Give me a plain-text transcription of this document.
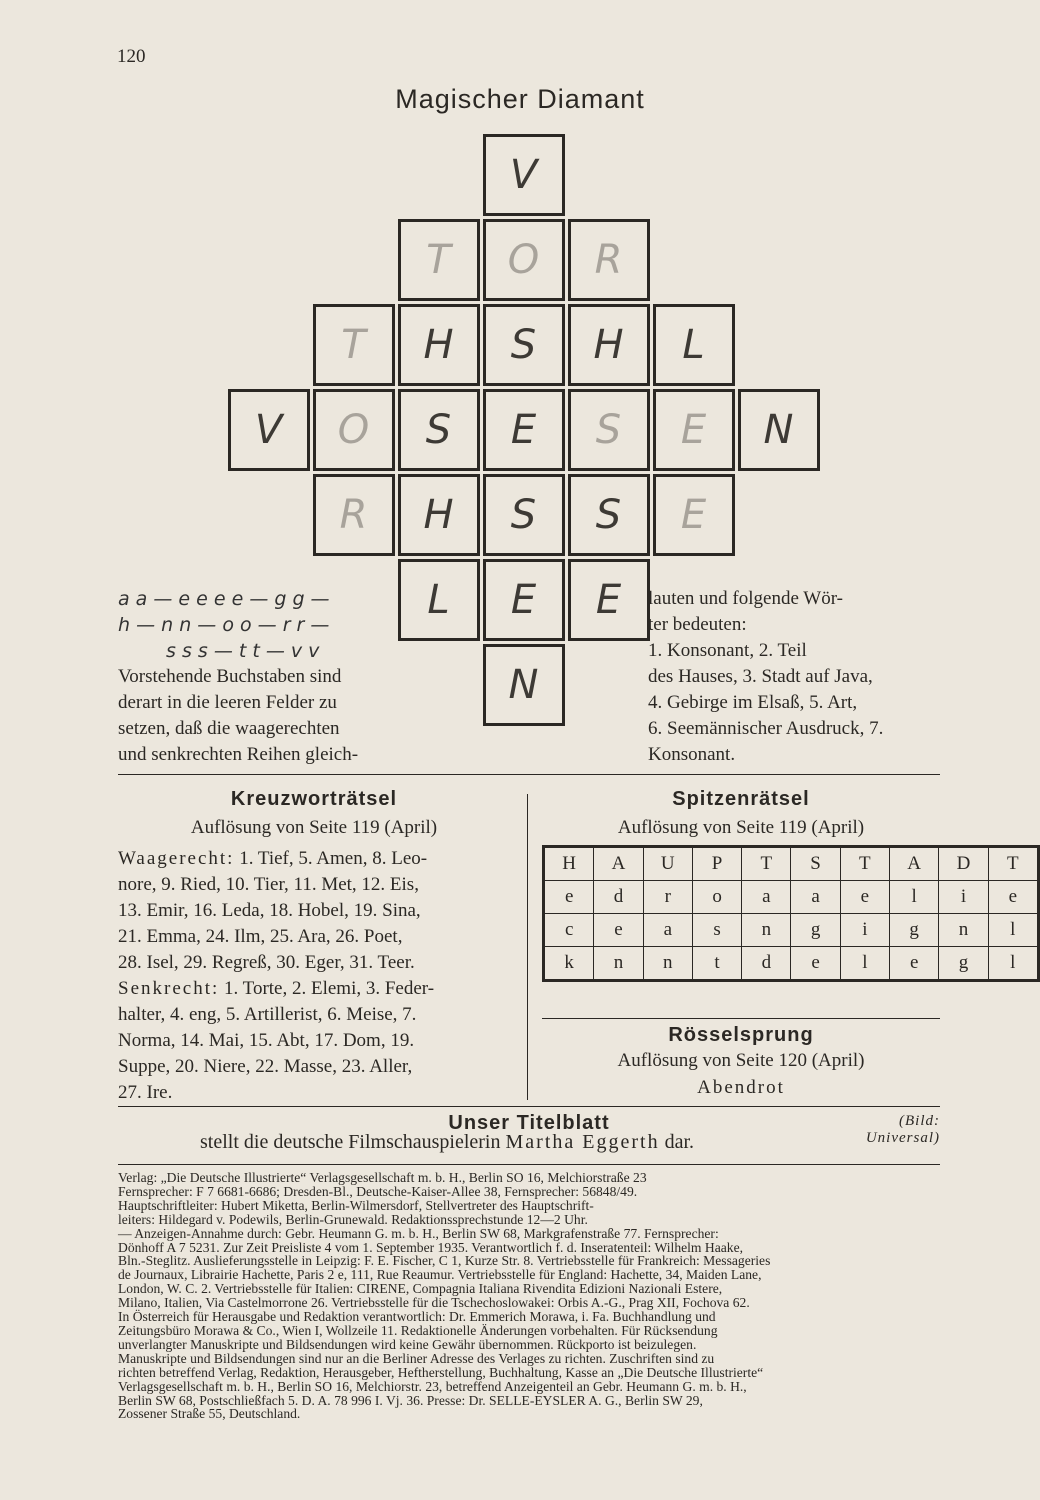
120
Magischer Diamant
V
T	O	R
T	H	S	H	L
V	O	S	E	S	E	N
R	H	S	S	E
L	E	E
N
a a — e e e e — g g —
h — n n — o o — r r —
s s s — t t — v v
Vorstehende Buchstaben sind
derart in die leeren Felder zu
setzen, daß die waagerechten
und senkrechten Reihen gleich-
lauten und folgende Wör-
ter bedeuten:
1. Konsonant, 2. Teil
des Hauses, 3. Stadt auf Java,
4. Gebirge im Elsaß, 5. Art,
6. Seemännischer Ausdruck, 7.
Konsonant.
Kreuzworträtsel
Auflösung von Seite 119 (April)
Waagerecht: 1. Tief, 5. Amen, 8. Leo-
nore, 9. Ried, 10. Tier, 11. Met, 12. Eis,
13. Emir, 16. Leda, 18. Hobel, 19. Sina,
21. Emma, 24. Ilm, 25. Ara, 26. Poet,
28. Isel, 29. Regreß, 30. Eger, 31. Teer.
Senkrecht: 1. Torte, 2. Elemi, 3. Feder-
halter, 4. eng, 5. Artillerist, 6. Meise, 7.
Norma, 14. Mai, 15. Abt, 17. Dom, 19.
Suppe, 20. Niere, 22. Masse, 23. Aller,
27. Ire.
Spitzenrätsel
Auflösung von Seite 119 (April)
H	A	U	P	T	S	T	A	D	T
e	d	r	o	a	a	e	l	i	e
c	e	a	s	n	g	i	g	n	l
k	n	n	t	d	e	l	e	g	l
Rösselsprung
Auflösung von Seite 120 (April)
Abendrot
Unser Titelblatt
stellt die deutsche Filmschauspielerin Martha Eggerth dar.
(Bild:
Universal)
Verlag: „Die Deutsche Illustrierte“ Verlagsgesellschaft m. b. H., Berlin SO 16, Melchiorstraße 23
Fernsprecher: F 7 6681-6686; Dresden-Bl., Deutsche-Kaiser-Allee 38, Fernsprecher: 56848/49.
Hauptschriftleiter: Hubert Miketta, Berlin-Wilmersdorf, Stellvertreter des Hauptschrift-
leiters: Hildegard v. Podewils, Berlin-Grunewald. Redaktionssprechstunde 12—2 Uhr.
— Anzeigen-Annahme durch: Gebr. Heumann G. m. b. H., Berlin SW 68, Markgrafenstraße 77. Fernsprecher:
Dönhoff A 7 5231. Zur Zeit Preisliste 4 vom 1. September 1935. Verantwortlich f. d. Inseratenteil: Wilhelm Haake,
Bln.-Steglitz. Auslieferungsstelle in Leipzig: F. E. Fischer, C 1, Kurze Str. 8. Vertriebsstelle für Frankreich: Messageries
de Journaux, Librairie Hachette, Paris 2 e, 111, Rue Reaumur. Vertriebsstelle für England: Hachette, 34, Maiden Lane,
London, W. C. 2. Vertriebsstelle für Italien: CIRENE, Compagnia Italiana Rivendita Edizioni Nazionali Estere,
Milano, Italien, Via Castelmorrone 26. Vertriebsstelle für die Tschechoslowakei: Orbis A.-G., Prag XII, Fochova 62.
In Österreich für Herausgabe und Redaktion verantwortlich: Dr. Emmerich Morawa, i. Fa. Buchhandlung und
Zeitungsbüro Morawa & Co., Wien I, Wollzeile 11. Redaktionelle Änderungen vorbehalten. Für Rücksendung
unverlangter Manuskripte und Bildsendungen wird keine Gewähr übernommen. Rückporto ist beizulegen.
Manuskripte und Bildsendungen sind nur an die Berliner Adresse des Verlages zu richten. Zuschriften sind zu
richten betreffend Verlag, Redaktion, Herausgeber, Heftherstellung, Buchhaltung, Kasse an „Die Deutsche Illustrierte“
Verlagsgesellschaft m. b. H., Berlin SO 16, Melchiorstr. 23, betreffend Anzeigenteil an Gebr. Heumann G. m. b. H.,
Berlin SW 68, Postschließfach 5. D. A. 78 996 I. Vj. 36. Presse: Dr. SELLE-EYSLER A. G., Berlin SW 29,
Zossener Straße 55, Deutschland.
